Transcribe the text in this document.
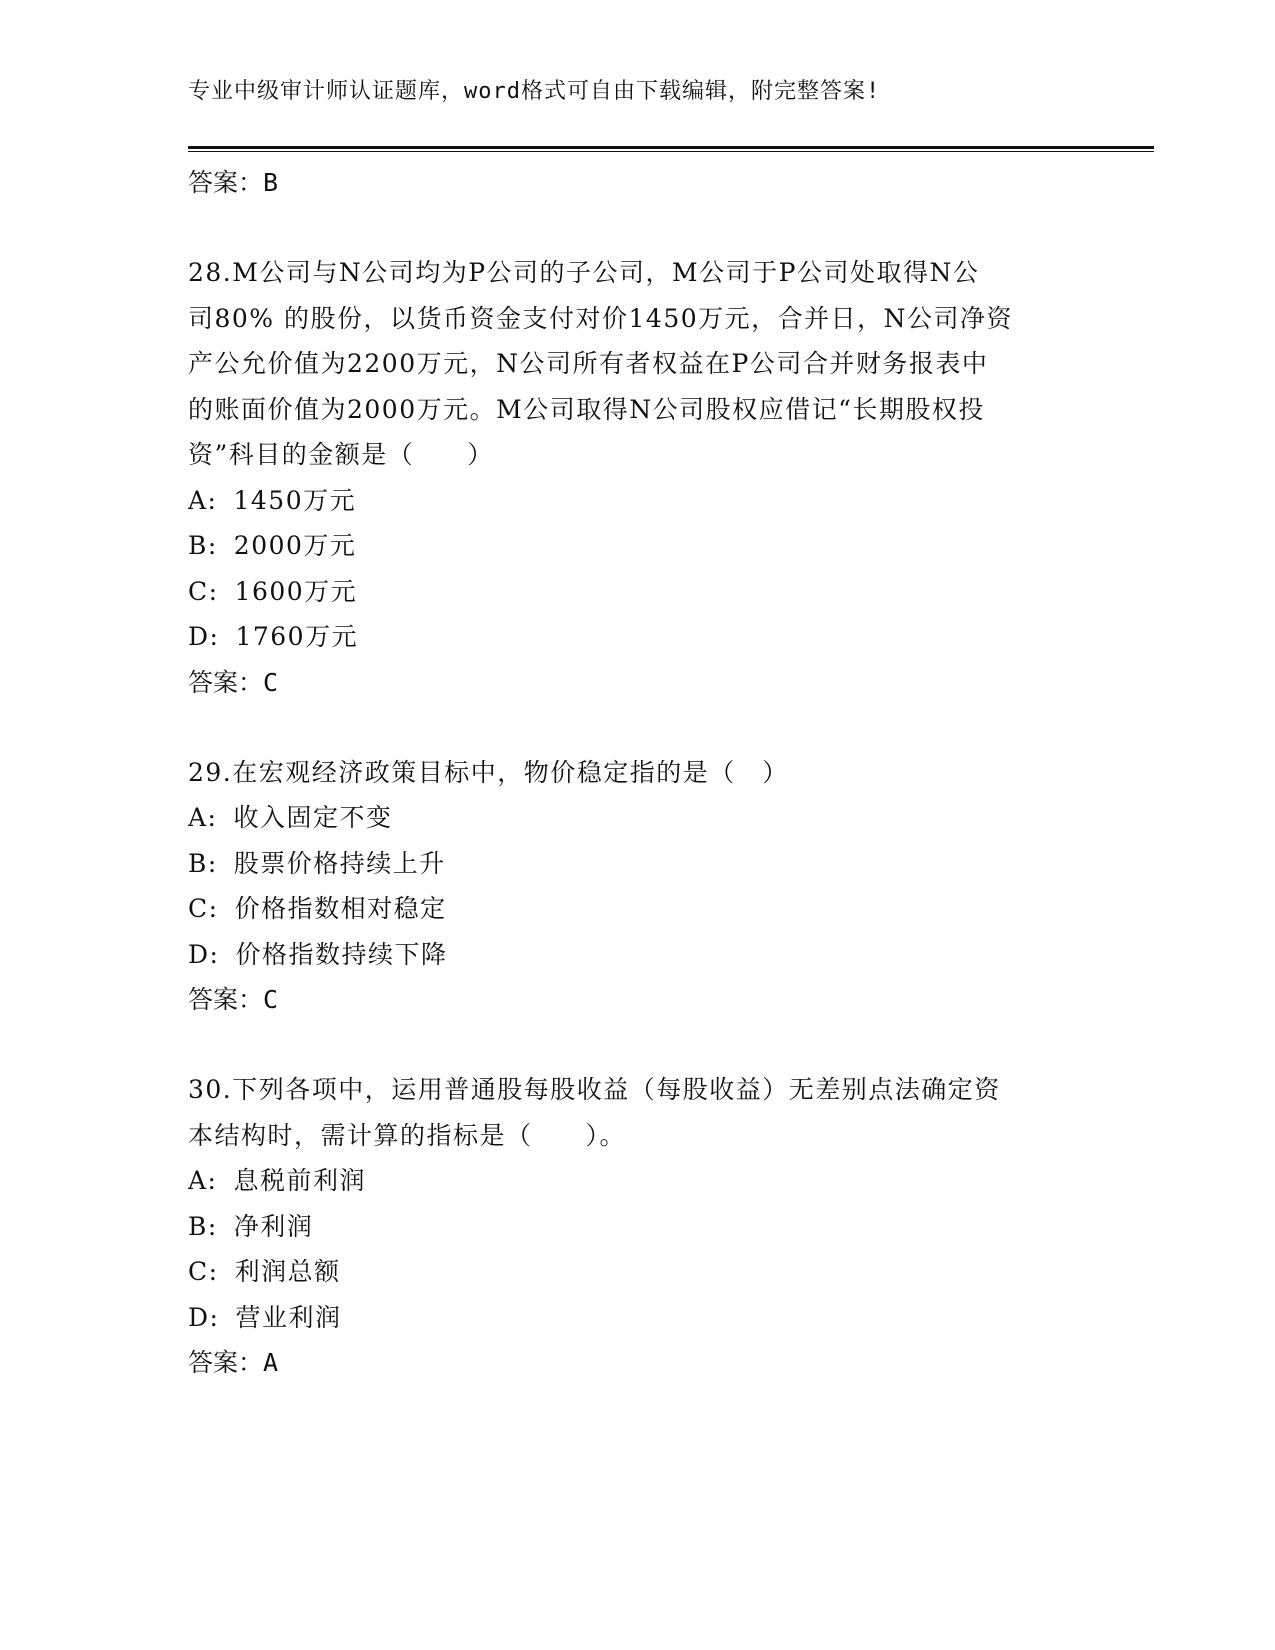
专业中级审计师认证题库，word格式可自由下载编辑，附完整答案!
答案：B
28.M公司与N公司均为P公司的子公司，M公司于P公司处取得N公
司80% 的股份，以货币资金支付对价1450万元，合并日，N公司净资
产公允价值为2200万元，N公司所有者权益在P公司合并财务报表中
的账面价值为2000万元。M公司取得N公司股权应借记“长期股权投
资”科目的金额是（　　）
A: 1450万元
B: 2000万元
C: 1600万元
D: 1760万元
答案：C
29.在宏观经济政策目标中，物价稳定指的是（　）
A: 收入固定不变
B: 股票价格持续上升
C: 价格指数相对稳定
D: 价格指数持续下降
答案：C
30.下列各项中，运用普通股每股收益（每股收益）无差别点法确定资
本结构时，需计算的指标是（　　）。
A: 息税前利润
B: 净利润
C: 利润总额
D: 营业利润
答案：A
